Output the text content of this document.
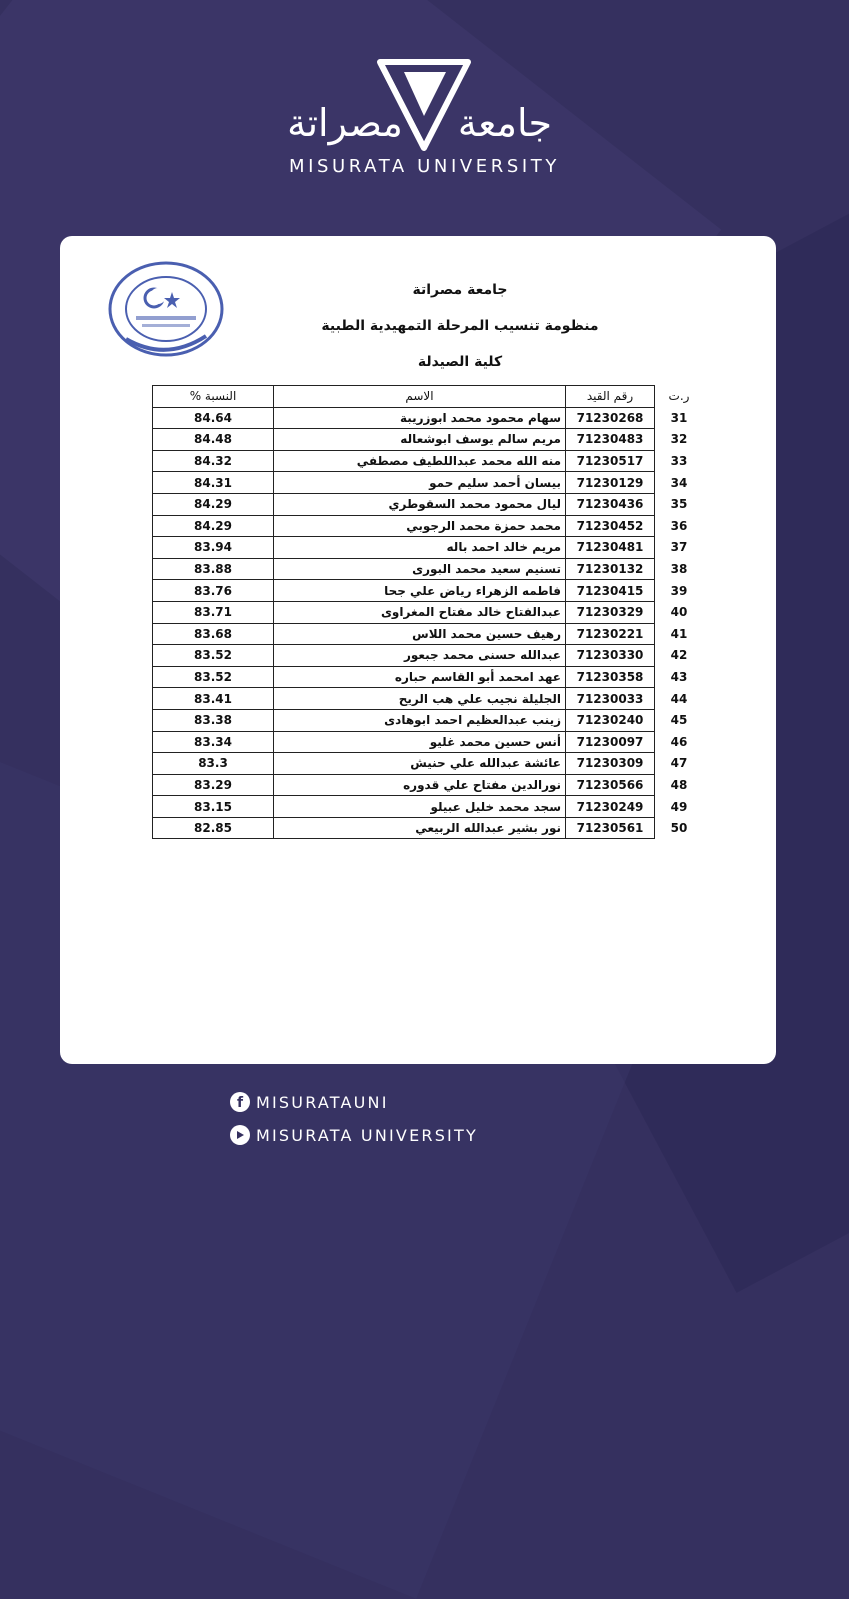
مصراتة جامعة
MISURATA UNIVERSITY
جامعة مصراتة
منظومة تنسيب المرحلة التمهيدية الطبية
كلية الصيدلة
ر.ت	رقم القيد	الاسم	النسبة %
31	71230268	سهام محمود محمد ابوزريبة	84.64
32	71230483	مريم سالم يوسف ابوشعاله	84.48
33	71230517	منه الله محمد عبداللطيف مصطفي	84.32
34	71230129	بيسان أحمد سليم حمو	84.31
35	71230436	ليال محمود محمد السقوطري	84.29
36	71230452	محمد حمزة محمد الرجوبي	84.29
37	71230481	مريم خالد احمد باله	83.94
38	71230132	تسنيم سعيد محمد البورى	83.88
39	71230415	فاطمه الزهراء رياض علي جحا	83.76
40	71230329	عبدالفتاح خالد مفتاح المغراوى	83.71
41	71230221	رهيف حسين محمد اللاس	83.68
42	71230330	عبدالله حسنى محمد جبعور	83.52
43	71230358	عهد امحمد أبو القاسم حباره	83.52
44	71230033	الجليلة نجيب علي هب الريح	83.41
45	71230240	زينب عبدالعظيم احمد ابوهادى	83.38
46	71230097	أنس حسين محمد غليو	83.34
47	71230309	عائشة عبدالله علي حنيش	83.3
48	71230566	نورالدين مفتاح علي قدوره	83.29
49	71230249	سجد محمد خليل عبيلو	83.15
50	71230561	نور بشير عبدالله الربيعي	82.85
f MISURATAUNI
MISURATA UNIVERSITY
